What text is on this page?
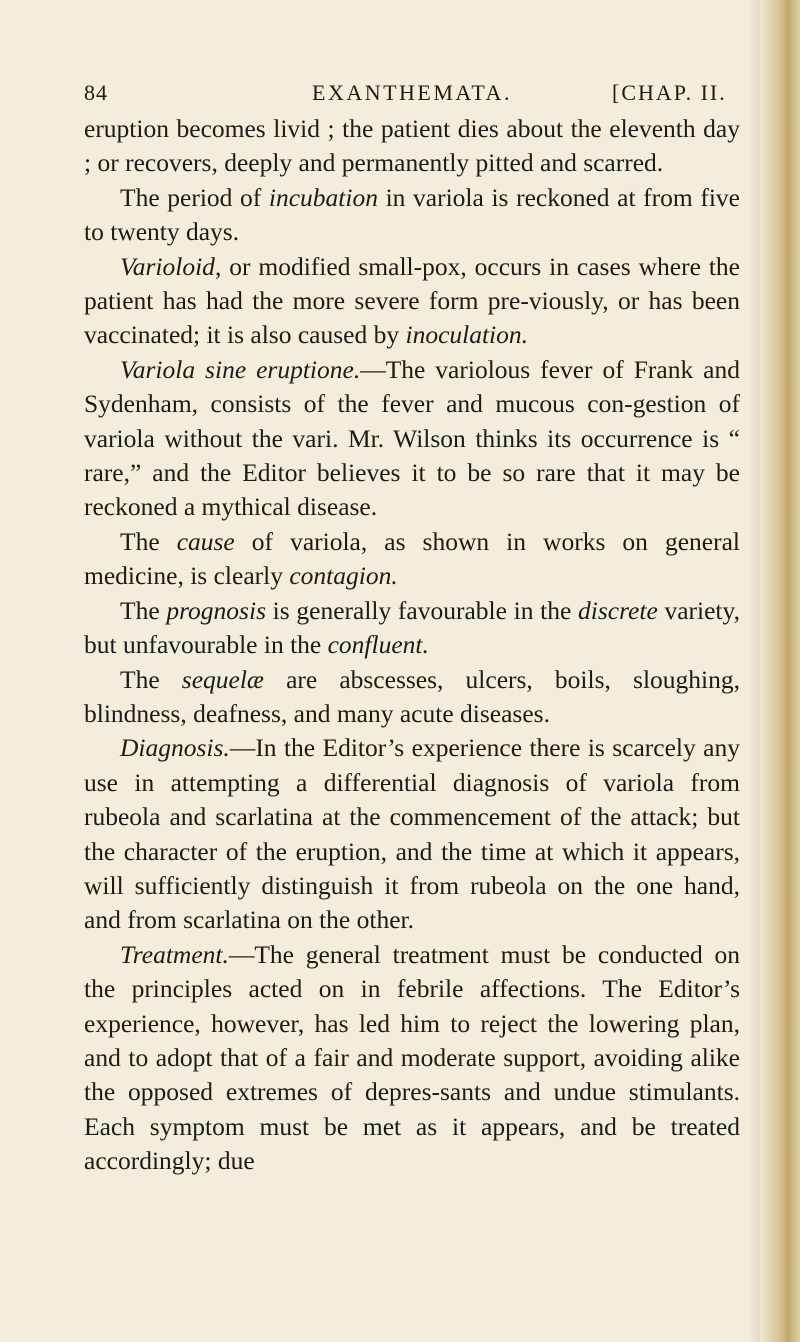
84	EXANTHEMATA.	[CHAP. II.

eruption becomes livid ; the patient dies about the eleventh day ; or recovers, deeply and permanently pitted and scarred.

The period of incubation in variola is reckoned at from five to twenty days.

Varioloid, or modified small-pox, occurs in cases where the patient has had the more severe form pre-viously, or has been vaccinated; it is also caused by inoculation.

Variola sine eruptione.—The variolous fever of Frank and Sydenham, consists of the fever and mucous con-gestion of variola without the vari. Mr. Wilson thinks its occurrence is “ rare,” and the Editor believes it to be so rare that it may be reckoned a mythical disease.

The cause of variola, as shown in works on general medicine, is clearly contagion.

The prognosis is generally favourable in the discrete variety, but unfavourable in the confluent.

The sequelæ are abscesses, ulcers, boils, sloughing, blindness, deafness, and many acute diseases.

Diagnosis.—In the Editor’s experience there is scarcely any use in attempting a differential diagnosis of variola from rubeola and scarlatina at the commencement of the attack; but the character of the eruption, and the time at which it appears, will sufficiently distinguish it from rubeola on the one hand, and from scarlatina on the other.

Treatment.—The general treatment must be conducted on the principles acted on in febrile affections. The Editor’s experience, however, has led him to reject the lowering plan, and to adopt that of a fair and moderate support, avoiding alike the opposed extremes of depres-sants and undue stimulants. Each symptom must be met as it appears, and be treated accordingly; due
